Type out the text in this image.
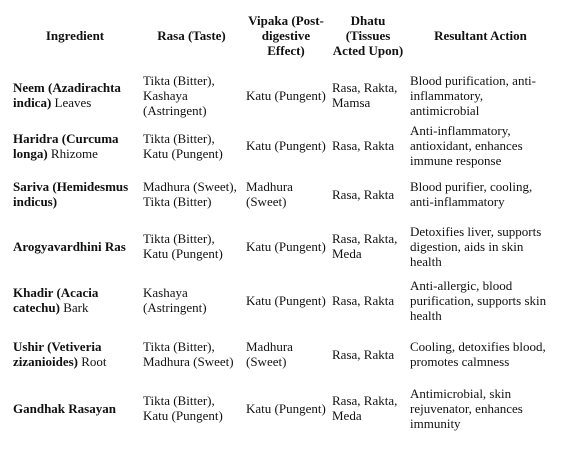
Ingredient	Rasa (Taste)	Vipaka (Post-digestive Effect)	Dhatu (Tissues Acted Upon)	Resultant Action
Neem (Azadirachta indica) Leaves	Tikta (Bitter), Kashaya (Astringent)	Katu (Pungent)	Rasa, Rakta, Mamsa	Blood purification, anti-inflammatory, antimicrobial
Haridra (Curcuma longa) Rhizome	Tikta (Bitter), Katu (Pungent)	Katu (Pungent)	Rasa, Rakta	Anti-inflammatory, antioxidant, enhances immune response
Sariva (Hemidesmus indicus)	Madhura (Sweet), Tikta (Bitter)	Madhura (Sweet)	Rasa, Rakta	Blood purifier, cooling, anti-inflammatory
Arogyavardhini Ras	Tikta (Bitter), Katu (Pungent)	Katu (Pungent)	Rasa, Rakta, Meda	Detoxifies liver, supports digestion, aids in skin health
Khadir (Acacia catechu) Bark	Kashaya (Astringent)	Katu (Pungent)	Rasa, Rakta	Anti-allergic, blood purification, supports skin health
Ushir (Vetiveria zizanioides) Root	Tikta (Bitter), Madhura (Sweet)	Madhura (Sweet)	Rasa, Rakta	Cooling, detoxifies blood, promotes calmness
Gandhak Rasayan	Tikta (Bitter), Katu (Pungent)	Katu (Pungent)	Rasa, Rakta, Meda	Antimicrobial, skin rejuvenator, enhances immunity
